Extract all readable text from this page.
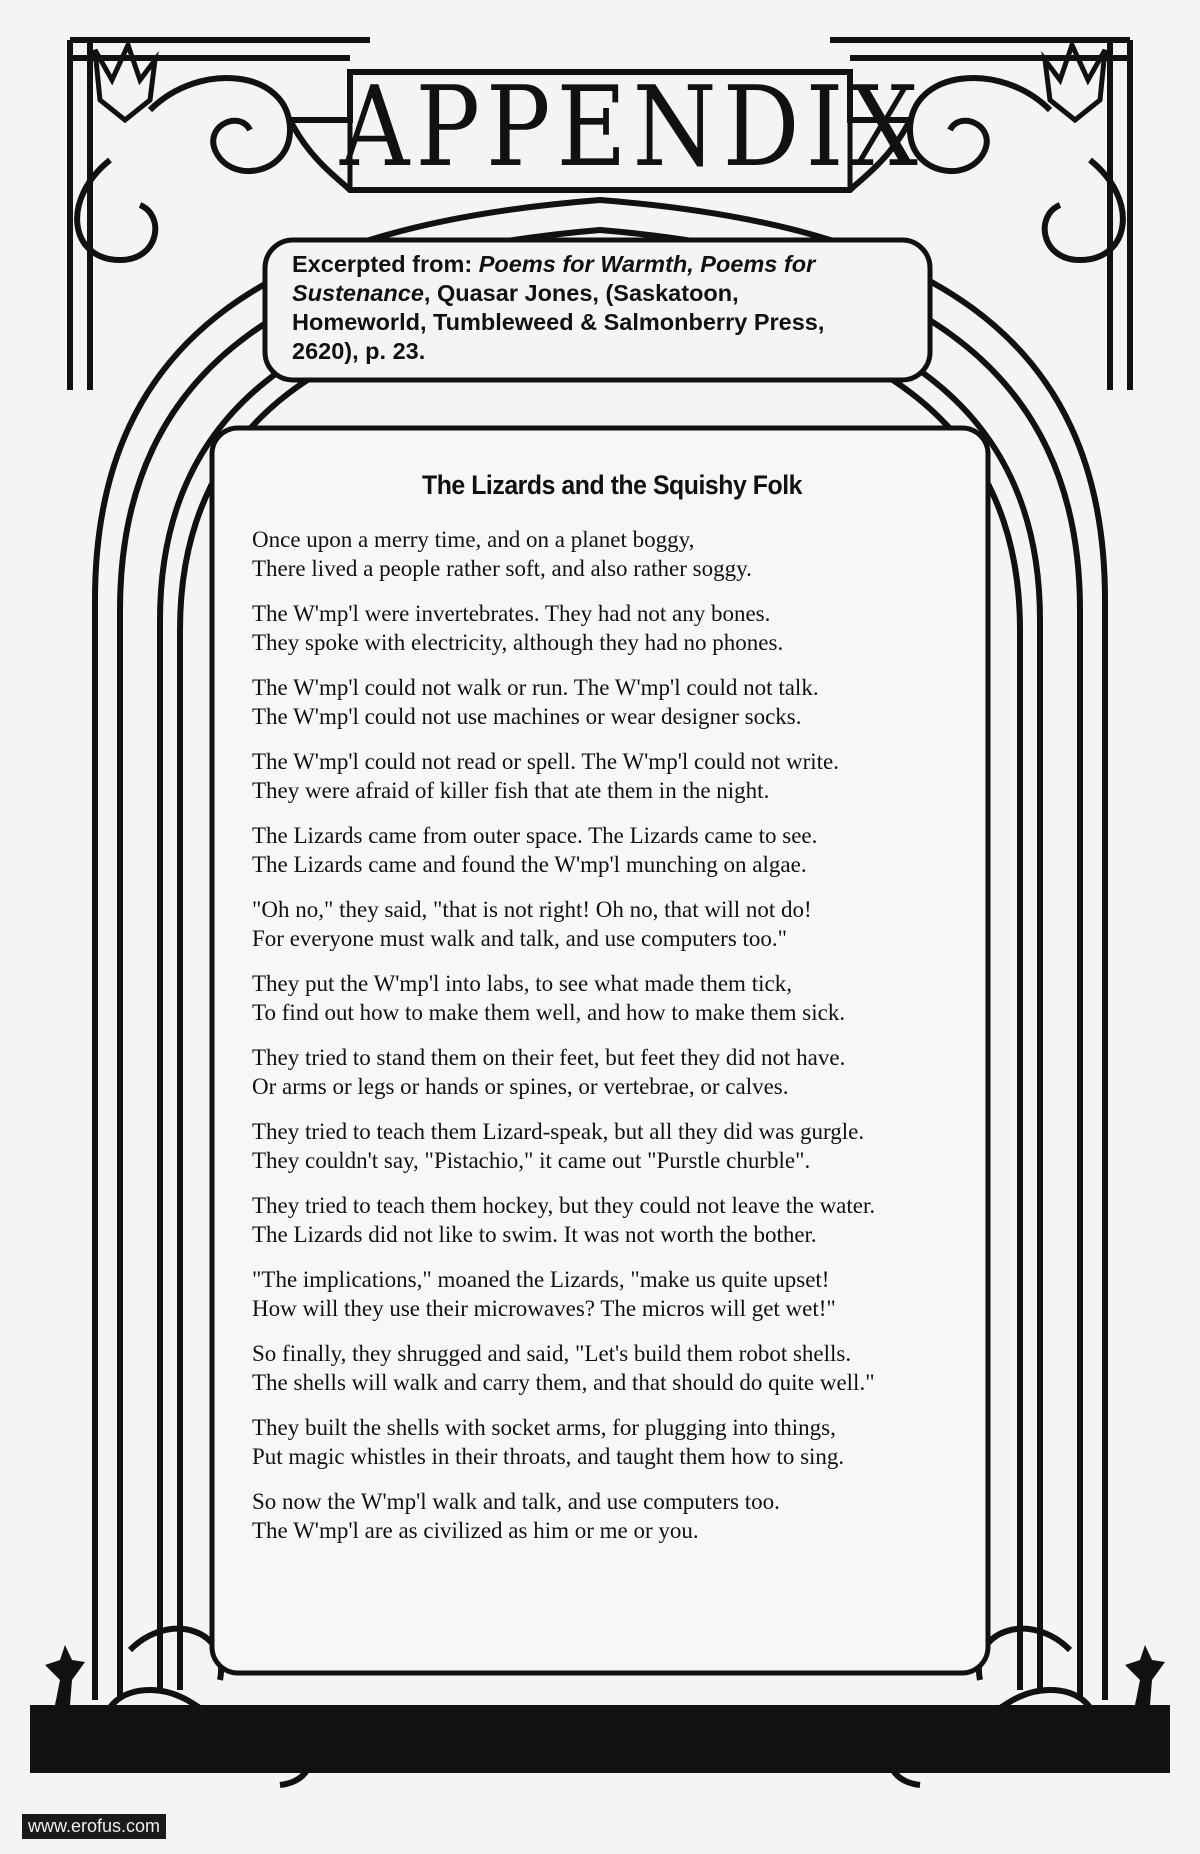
APPENDIX
Excerpted from: Poems for Warmth, Poems for
Sustenance, Quasar Jones, (Saskatoon,
Homeworld, Tumbleweed & Salmonberry Press,
2620), p. 23.
The Lizards and the Squishy Folk
Once upon a merry time, and on a planet boggy,
There lived a people rather soft, and also rather soggy.
The W'mp'l were invertebrates. They had not any bones.
They spoke with electricity, although they had no phones.
The W'mp'l could not walk or run. The W'mp'l could not talk.
The W'mp'l could not use machines or wear designer socks.
The W'mp'l could not read or spell. The W'mp'l could not write.
They were afraid of killer fish that ate them in the night.
The Lizards came from outer space. The Lizards came to see.
The Lizards came and found the W'mp'l munching on algae.
"Oh no," they said, "that is not right! Oh no, that will not do!
For everyone must walk and talk, and use computers too."
They put the W'mp'l into labs, to see what made them tick,
To find out how to make them well, and how to make them sick.
They tried to stand them on their feet, but feet they did not have.
Or arms or legs or hands or spines, or vertebrae, or calves.
They tried to teach them Lizard-speak, but all they did was gurgle.
They couldn't say, "Pistachio," it came out "Purstle churble".
They tried to teach them hockey, but they could not leave the water.
The Lizards did not like to swim. It was not worth the bother.
"The implications," moaned the Lizards, "make us quite upset!
How will they use their microwaves? The micros will get wet!"
So finally, they shrugged and said, "Let's build them robot shells.
The shells will walk and carry them, and that should do quite well."
They built the shells with socket arms, for plugging into things,
Put magic whistles in their throats, and taught them how to sing.
So now the W'mp'l walk and talk, and use computers too.
The W'mp'l are as civilized as him or me or you.
www.erofus.com
